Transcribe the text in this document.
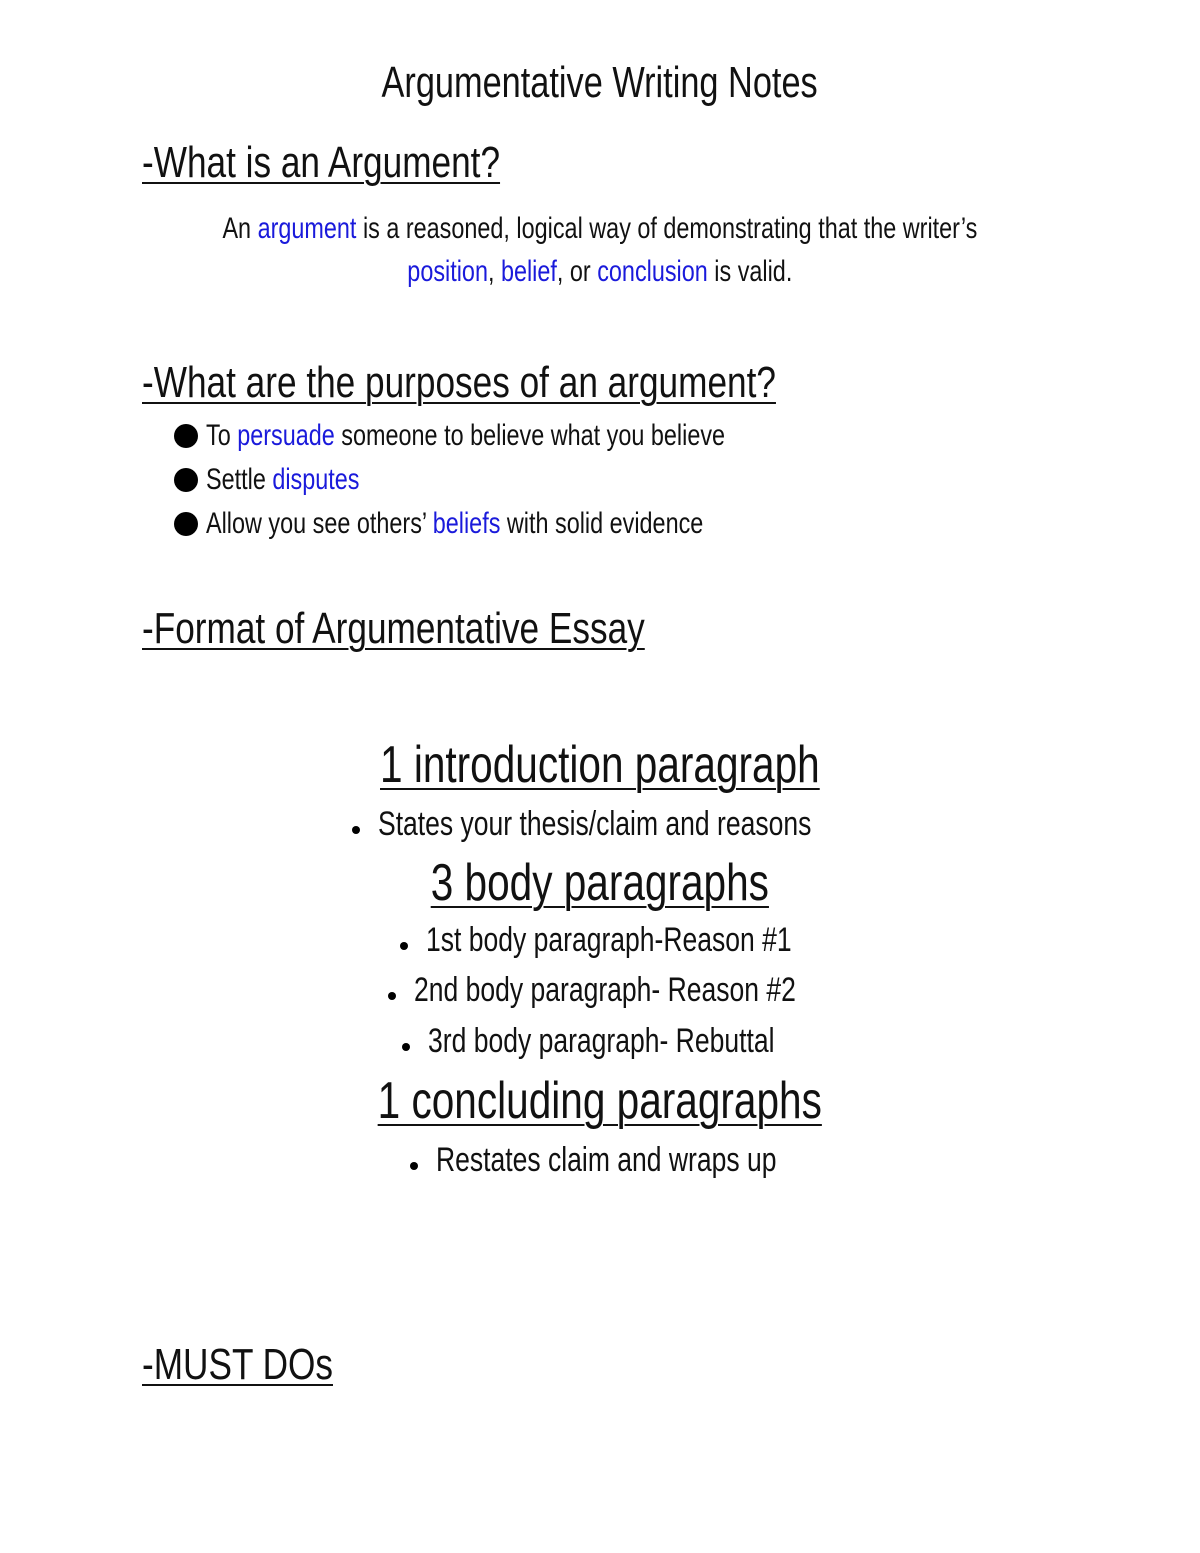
Argumentative Writing Notes
-What is an Argument?
An argument is a reasoned, logical way of demonstrating that the writer’s
position, belief, or conclusion is valid.
-What are the purposes of an argument?
To persuade someone to believe what you believe
Settle disputes
Allow you see others’ beliefs with solid evidence
-Format of Argumentative Essay
1 introduction paragraph
States your thesis/claim and reasons
3 body paragraphs
1st body paragraph-Reason #1
2nd body paragraph- Reason #2
3rd body paragraph- Rebuttal
1 concluding paragraphs
Restates claim and wraps up
-MUST DOs
